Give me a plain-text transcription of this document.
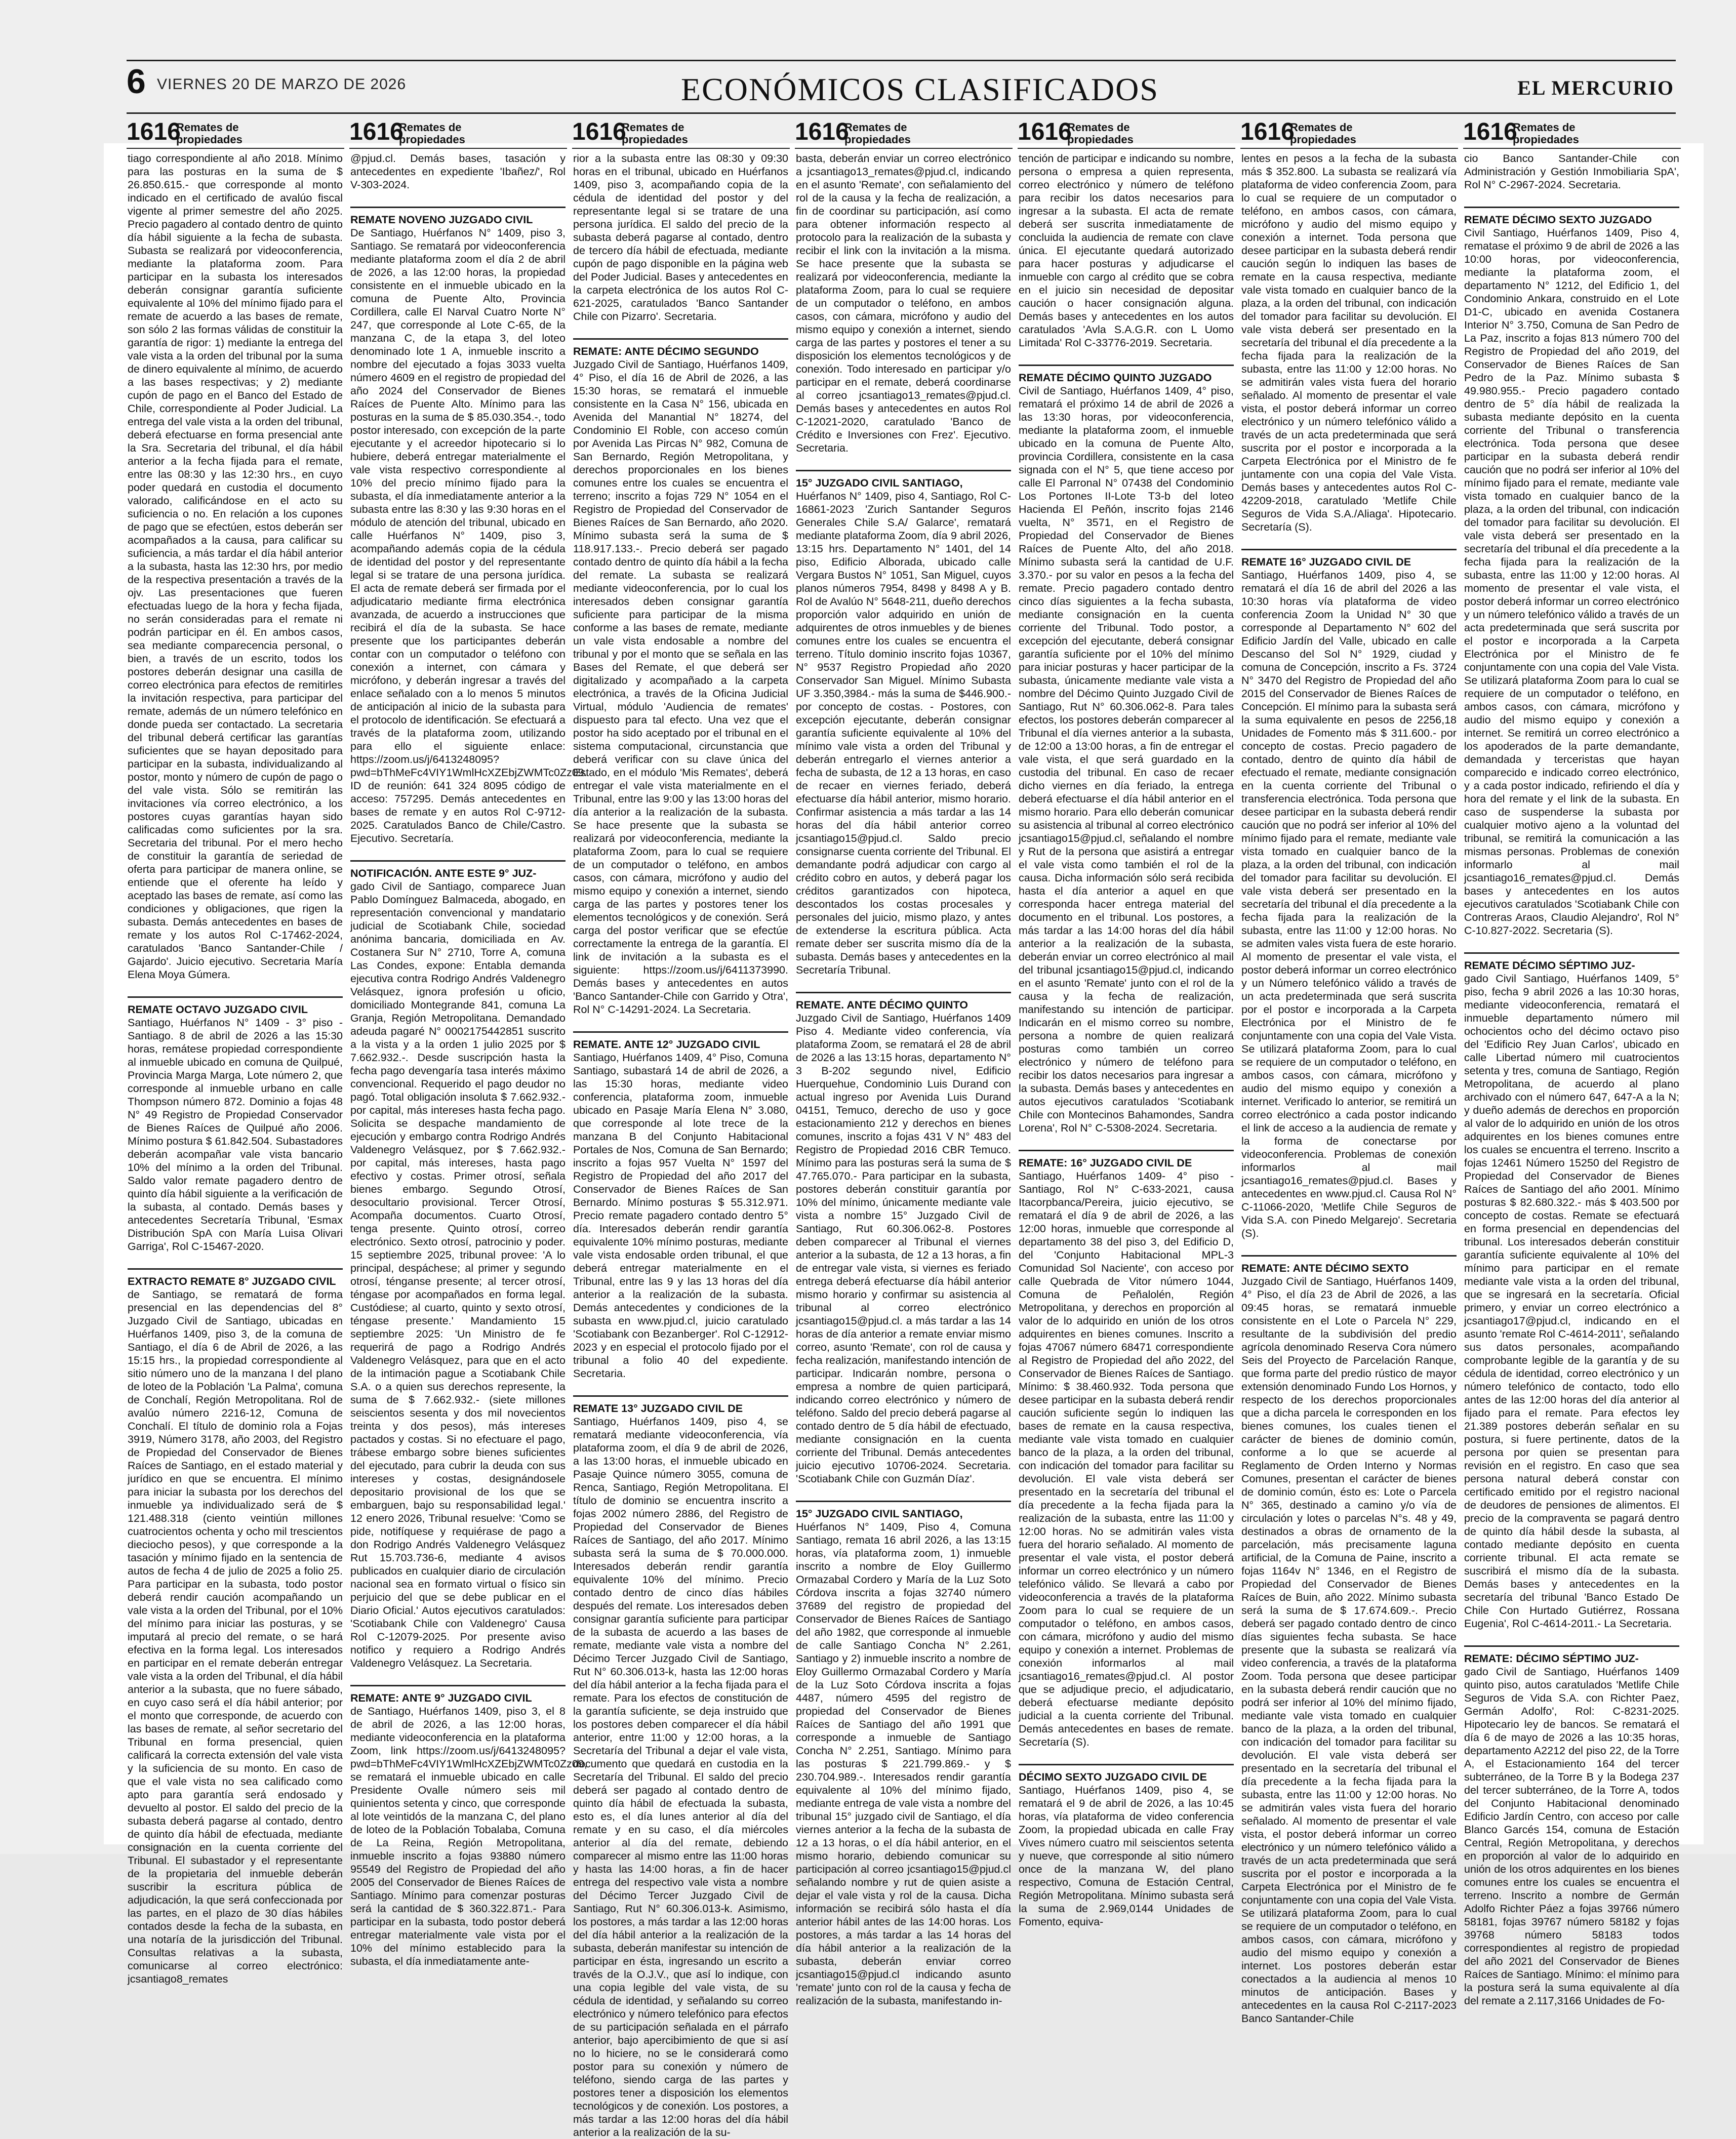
6 VIERNES 20 DE MARZO DE 2026	ECONÓMICOS CLASIFICADOS	EL MERCURIO
1616
Remates de
propiedades	1616
Remates de
propiedades	1616
Remates de
propiedades	1616
Remates de
propiedades	1616
Remates de
propiedades	1616
Remates de
propiedades	1616
Remates de
propiedades

tiago correspondiente al año 2018. Mínimo para las posturas en la suma de $ 26.850.615.- que corresponde al monto indicado en el certificado de avalúo fiscal vigente al primer semestre del año 2025. Precio pagadero al contado dentro de quinto día hábil siguiente a la fecha de subasta. Subasta se realizará por videoconferencia, mediante la plataforma zoom. Para participar en la subasta los interesados deberán consignar garantía suficiente equivalente al 10% del mínimo fijado para el remate de acuerdo a las bases de remate, son sólo 2 las formas válidas de constituir la garantía de rigor: 1) mediante la entrega del vale vista a la orden del tribunal por la suma de dinero equivalente al mínimo, de acuerdo a las bases respectivas; y 2) mediante cupón de pago en el Banco del Estado de Chile, correspondiente al Poder Judicial. La entrega del vale vista a la orden del tribunal, deberá efectuarse en forma presencial ante la Sra. Secretaria del tribunal, el día hábil anterior a la fecha fijada para el remate, entre las 08:30 y las 12:30 hrs., en cuyo poder quedará en custodia el documento valorado, calificándose en el acto su suficiencia o no. En relación a los cupones de pago que se efectúen, estos deberán ser acompañados a la causa, para calificar su suficiencia, a más tardar el día hábil anterior a la subasta, hasta las 12:30 hrs, por medio de la respectiva presentación a través de la ojv. Las presentaciones que fueren efectuadas luego de la hora y fecha fijada, no serán consideradas para el remate ni podrán participar en él. En ambos casos, sea mediante comparecencia personal, o bien, a través de un escrito, todos los postores deberán designar una casilla de correo electrónica para efectos de remitirles la invitación respectiva, para participar del remate, además de un número telefónico en donde pueda ser contactado. La secretaria del tribunal deberá certificar las garantías suficientes que se hayan depositado para participar en la subasta, individualizando al postor, monto y número de cupón de pago o del vale vista. Sólo se remitirán las invitaciones vía correo electrónico, a los postores cuyas garantías hayan sido calificadas como suficientes por la sra. Secretaria del tribunal. Por el mero hecho de constituir la garantía de seriedad de oferta para participar de manera online, se entiende que el oferente ha leído y aceptado las bases de remate, así como las condiciones y obligaciones, que rigen la subasta. Demás antecedentes en bases de remate y los autos Rol C-17462-2024, caratulados 'Banco Santander-Chile / Gajardo'. Juicio ejecutivo. Secretaria María Elena Moya Gúmera.

REMATE OCTAVO JUZGADO CIVIL
Santiago, Huérfanos N° 1409 - 3° piso - Santiago. 8 de abril de 2026 a las 15:30 horas, remátese propiedad correspondiente al inmueble ubicado en comuna de Quilpué, Provincia Marga Marga, Lote número 2, que corresponde al inmueble urbano en calle Thompson número 872. Dominio a fojas 48 N° 49 Registro de Propiedad Conservador de Bienes Raíces de Quilpué año 2006. Mínimo postura $ 61.842.504. Subastadores deberán acompañar vale vista bancario 10% del mínimo a la orden del Tribunal. Saldo valor remate pagadero dentro de quinto día hábil siguiente a la verificación de la subasta, al contado. Demás bases y antecedentes Secretaría Tribunal, 'Esmax Distribución SpA con María Luisa Olivari Garriga', Rol C-15467-2020.

EXTRACTO REMATE 8° JUZGADO CIVIL
de Santiago, se rematará de forma presencial en las dependencias del 8° Juzgado Civil de Santiago, ubicadas en Huérfanos 1409, piso 3, de la comuna de Santiago, el día 6 de Abril de 2026, a las 15:15 hrs., la propiedad correspondiente al sitio número uno de la manzana I del plano de loteo de la Población 'La Palma', comuna de Conchalí, Región Metropolitana. Rol de avalúo número 2216-12, Comuna de Conchalí. El título de dominio rola a Fojas 3919, Número 3178, año 2003, del Registro de Propiedad del Conservador de Bienes Raíces de Santiago, en el estado material y jurídico en que se encuentra. El mínimo para iniciar la subasta por los derechos del inmueble ya individualizado será de $ 121.488.318 (ciento veintiún millones cuatrocientos ochenta y ocho mil trescientos dieciocho pesos), y que corresponde a la tasación y mínimo fijado en la sentencia de autos de fecha 4 de julio de 2025 a folio 25. Para participar en la subasta, todo postor deberá rendir caución acompañando un vale vista a la orden del Tribunal, por el 10% del mínimo para iniciar las posturas, y se imputará al precio del remate, o se hará efectiva en la forma legal. Los interesados en participar en el remate deberán entregar vale vista a la orden del Tribunal, el día hábil anterior a la subasta, que no fuere sábado, en cuyo caso será el día hábil anterior; por el monto que corresponde, de acuerdo con las bases de remate, al señor secretario del Tribunal en forma presencial, quien calificará la correcta extensión del vale vista y la suficiencia de su monto. En caso de que el vale vista no sea calificado como apto para garantía será endosado y devuelto al postor. El saldo del precio de la subasta deberá pagarse al contado, dentro de quinto día hábil de efectuada, mediante consignación en la cuenta corriente del Tribunal. El subastador y el representante de la propietaria del inmueble deberán suscribir la escritura pública de adjudicación, la que será confeccionada por las partes, en el plazo de 30 días hábiles contados desde la fecha de la subasta, en una notaría de la jurisdicción del Tribunal. Consultas relativas a la subasta, comunicarse al correo electrónico: jcsantiago8_remates

@pjud.cl. Demás bases, tasación y antecedentes en expediente 'Ibañez/', Rol V-303-2024.

REMATE NOVENO JUZGADO CIVIL
De Santiago, Huérfanos N° 1409, piso 3, Santiago. Se rematará por videoconferencia mediante plataforma zoom el día 2 de abril de 2026, a las 12:00 horas, la propiedad consistente en el inmueble ubicado en la comuna de Puente Alto, Provincia Cordillera, calle El Narval Cuatro Norte N° 247, que corresponde al Lote C-65, de la manzana C, de la etapa 3, del loteo denominado lote 1 A, inmueble inscrito a nombre del ejecutado a fojas 3033 vuelta número 4609 en el registro de propiedad del año 2024 del Conservador de Bienes Raíces de Puente Alto. Mínimo para las posturas en la suma de $ 85.030.354.-, todo postor interesado, con excepción de la parte ejecutante y el acreedor hipotecario si lo hubiere, deberá entregar materialmente el vale vista respectivo correspondiente al 10% del precio mínimo fijado para la subasta, el día inmediatamente anterior a la subasta entre las 8:30 y las 9:30 horas en el módulo de atención del tribunal, ubicado en calle Huérfanos N° 1409, piso 3, acompañando además copia de la cédula de identidad del postor y del representante legal si se tratare de una persona jurídica. El acta de remate deberá ser firmada por el adjudicatario mediante firma electrónica avanzada, de acuerdo a instrucciones que recibirá el día de la subasta. Se hace presente que los participantes deberán contar con un computador o teléfono con conexión a internet, con cámara y micrófono, y deberán ingresar a través del enlace señalado con a lo menos 5 minutos de anticipación al inicio de la subasta para el protocolo de identificación. Se efectuará a través de la plataforma zoom, utilizando para ello el siguiente enlace: https://zoom.us/j/6413248095?pwd=bThMeFc4VIY1WmlHcXZEbjZWMTc0Zz09. ID de reunión: 641 324 8095 código de acceso: 757295. Demás antecedentes en bases de remate y en autos Rol C-9712-2025. Caratulados Banco de Chile/Castro. Ejecutivo. Secretaría.

NOTIFICACIÓN. ANTE ESTE 9° JUZ-
gado Civil de Santiago, comparece Juan Pablo Domínguez Balmaceda, abogado, en representación convencional y mandatario judicial de Scotiabank Chile, sociedad anónima bancaria, domiciliada en Av. Costanera Sur N° 2710, Torre A, comuna Las Condes, expone: Entabla demanda ejecutiva contra Rodrigo Andrés Valdenegro Velásquez, ignora profesión u oficio, domiciliado Montegrande 841, comuna La Granja, Región Metropolitana. Demandado adeuda pagaré N° 0002175442851 suscrito a la vista y a la orden 1 julio 2025 por $ 7.662.932.-. Desde suscripción hasta la fecha pago devengaría tasa interés máximo convencional. Requerido el pago deudor no pagó. Total obligación insoluta $ 7.662.932.- por capital, más intereses hasta fecha pago. Solicita se despache mandamiento de ejecución y embargo contra Rodrigo Andrés Valdenegro Velásquez, por $ 7.662.932.- por capital, más intereses, hasta pago efectivo y costas. Primer otrosí, señala bienes embargo. Segundo Otrosí, desocultario provisional. Tercer Otrosí, Acompaña documentos. Cuarto Otrosí, tenga presente. Quinto otrosí, correo electrónico. Sexto otrosí, patrocinio y poder. 15 septiembre 2025, tribunal provee: 'A lo principal, despáchese; al primer y segundo otrosí, ténganse presente; al tercer otrosí, téngase por acompañados en forma legal. Custódiese; al cuarto, quinto y sexto otrosí, téngase presente.' Mandamiento 15 septiembre 2025: 'Un Ministro de fe requerirá de pago a Rodrigo Andrés Valdenegro Velásquez, para que en el acto de la intimación pague a Scotiabank Chile S.A. o a quien sus derechos represente, la suma de $ 7.662.932.- (siete millones seiscientos sesenta y dos mil novecientos treinta y dos pesos), más intereses pactados y costas. Si no efectuare el pago, trábese embargo sobre bienes suficientes del ejecutado, para cubrir la deuda con sus intereses y costas, designándosele depositario provisional de los que se embarguen, bajo su responsabilidad legal.' 12 enero 2026, Tribunal resuelve: 'Como se pide, notifíquese y requiérase de pago a don Rodrigo Andrés Valdenegro Velásquez Rut 15.703.736-6, mediante 4 avisos publicados en cualquier diario de circulación nacional sea en formato virtual o físico sin perjuicio del que se debe publicar en el Diario Oficial.' Autos ejecutivos caratulados: 'Scotiabank Chile con Valdenegro' Causa Rol C-12079-2025. Por presente aviso notifico y requiero a Rodrigo Andrés Valdenegro Velásquez. La Secretaria.

REMATE: ANTE 9° JUZGADO CIVIL
de Santiago, Huérfanos 1409, piso 3, el 8 de abril de 2026, a las 12:00 horas, mediante videoconferencia en la plataforma Zoom, link https://zoom.us/j/6413248095?pwd=bThMeFc4VIY1WmlHcXZEbjZWMTc0Zz09, se rematará el inmueble ubicado en calle Presidente Ovalle número seis mil quinientos setenta y cinco, que corresponde al lote veintidós de la manzana C, del plano de loteo de la Población Tobalaba, Comuna de La Reina, Región Metropolitana, inmueble inscrito a fojas 93880 número 95549 del Registro de Propiedad del año 2005 del Conservador de Bienes Raíces de Santiago. Mínimo para comenzar posturas será la cantidad de $ 360.322.871.- Para participar en la subasta, todo postor deberá entregar materialmente vale vista por el 10% del mínimo establecido para la subasta, el día inmediatamente ante-

rior a la subasta entre las 08:30 y 09:30 horas en el tribunal, ubicado en Huérfanos 1409, piso 3, acompañando copia de la cédula de identidad del postor y del representante legal si se tratare de una persona jurídica. El saldo del precio de la subasta deberá pagarse al contado, dentro de tercero día hábil de efectuada, mediante cupón de pago disponible en la página web del Poder Judicial. Bases y antecedentes en la carpeta electrónica de los autos Rol C-621-2025, caratulados 'Banco Santander Chile con Pizarro'. Secretaria.

REMATE: ANTE DÉCIMO SEGUNDO
Juzgado Civil de Santiago, Huérfanos 1409, 4° Piso, el día 16 de Abril de 2026, a las 15:30 horas, se rematará el inmueble consistente en la Casa N° 156, ubicada en Avenida del Manantial N° 18274, del Condominio El Roble, con acceso común por Avenida Las Pircas N° 982, Comuna de San Bernardo, Región Metropolitana, y derechos proporcionales en los bienes comunes entre los cuales se encuentra el terreno; inscrito a fojas 729 N° 1054 en el Registro de Propiedad del Conservador de Bienes Raíces de San Bernardo, año 2020. Mínimo subasta será la suma de $ 118.917.133.-. Precio deberá ser pagado contado dentro de quinto día hábil a la fecha del remate. La subasta se realizará mediante videoconferencia, por lo cual los interesados deben consignar garantía suficiente para participar de la misma conforme a las bases de remate, mediante un vale vista endosable a nombre del tribunal y por el monto que se señala en las Bases del Remate, el que deberá ser digitalizado y acompañado a la carpeta electrónica, a través de la Oficina Judicial Virtual, módulo 'Audiencia de remates' dispuesto para tal efecto. Una vez que el postor ha sido aceptado por el tribunal en el sistema computacional, circunstancia que deberá verificar con su clave única del Estado, en el módulo 'Mis Remates', deberá entregar el vale vista materialmente en el Tribunal, entre las 9:00 y las 13:00 horas del día anterior a la realización de la subasta. Se hace presente que la subasta se realizará por videoconferencia, mediante la plataforma Zoom, para lo cual se requiere de un computador o teléfono, en ambos casos, con cámara, micrófono y audio del mismo equipo y conexión a internet, siendo carga de las partes y postores tener los elementos tecnológicos y de conexión. Será carga del postor verificar que se efectúe correctamente la entrega de la garantía. El link de invitación a la subasta es el siguiente: https://zoom.us/j/6411373990. Demás bases y antecedentes en autos 'Banco Santander-Chile con Garrido y Otra', Rol N° C-14291-2024. La Secretaria.

REMATE. ANTE 12° JUZGADO CIVIL
Santiago, Huérfanos 1409, 4° Piso, Comuna Santiago, subastará 14 de abril de 2026, a las 15:30 horas, mediante video conferencia, plataforma zoom, inmueble ubicado en Pasaje María Elena N° 3.080, que corresponde al lote trece de la manzana B del Conjunto Habitacional Portales de Nos, Comuna de San Bernardo; inscrito a fojas 957 Vuelta N° 1597 del Registro de Propiedad del año 2017 del Conservador de Bienes Raíces de San Bernardo. Mínimo posturas $ 55.312.971. Precio remate pagadero contado dentro 5° día. Interesados deberán rendir garantía equivalente 10% mínimo posturas, mediante vale vista endosable orden tribunal, el que deberá entregar materialmente en el Tribunal, entre las 9 y las 13 horas del día anterior a la realización de la subasta. Demás antecedentes y condiciones de la subasta en www.pjud.cl, juicio caratulado 'Scotiabank con Bezanberger'. Rol C-12912-2023 y en especial el protocolo fijado por el tribunal a folio 40 del expediente. Secretaria.

REMATE 13° JUZGADO CIVIL DE
Santiago, Huérfanos 1409, piso 4, se rematará mediante videoconferencia, vía plataforma zoom, el día 9 de abril de 2026, a las 13:00 horas, el inmueble ubicado en Pasaje Quince número 3055, comuna de Renca, Santiago, Región Metropolitana. El título de dominio se encuentra inscrito a fojas 2002 número 2886, del Registro de Propiedad del Conservador de Bienes Raíces de Santiago, del año 2017. Mínimo subasta será la suma de $ 70.000.000. Interesados deberán rendir garantía equivalente 10% del mínimo. Precio contado dentro de cinco días hábiles después del remate. Los interesados deben consignar garantía suficiente para participar de la subasta de acuerdo a las bases de remate, mediante vale vista a nombre del Décimo Tercer Juzgado Civil de Santiago, Rut N° 60.306.013-k, hasta las 12:00 horas del día hábil anterior a la fecha fijada para el remate. Para los efectos de constitución de la garantía suficiente, se deja instruido que los postores deben comparecer el día hábil anterior, entre 11:00 y 12:00 horas, a la Secretaría del Tribunal a dejar el vale vista, documento que quedará en custodia en la Secretaría del Tribunal. El saldo del precio deberá ser pagado al contado dentro de quinto día hábil de efectuada la subasta, esto es, el día lunes anterior al día del remate y en su caso, el día miércoles anterior al día del remate, debiendo comparecer al mismo entre las 11:00 horas y hasta las 14:00 horas, a fin de hacer entrega del respectivo vale vista a nombre del Décimo Tercer Juzgado Civil de Santiago, Rut N° 60.306.013-k. Asimismo, los postores, a más tardar a las 12:00 horas del día hábil anterior a la realización de la subasta, deberán manifestar su intención de participar en ésta, ingresando un escrito a través de la O.J.V., que así lo indique, con una copia legible del vale vista, de su cédula de identidad, y señalando su correo electrónico y número telefónico para efectos de su participación señalada en el párrafo anterior, bajo apercibimiento de que si así no lo hiciere, no se le considerará como postor para su conexión y número de teléfono, siendo carga de las partes y postores tener a disposición los elementos tecnológicos y de conexión. Los postores, a más tardar a las 12:00 horas del día hábil anterior a la realización de la su-

basta, deberán enviar un correo electrónico a jcsantiago13_remates@pjud.cl, indicando en el asunto 'Remate', con señalamiento del rol de la causa y la fecha de realización, a fin de coordinar su participación, así como para obtener información respecto al protocolo para la realización de la subasta y recibir el link con la invitación a la misma. Se hace presente que la subasta se realizará por videoconferencia, mediante la plataforma Zoom, para lo cual se requiere de un computador o teléfono, en ambos casos, con cámara, micrófono y audio del mismo equipo y conexión a internet, siendo carga de las partes y postores el tener a su disposición los elementos tecnológicos y de conexión. Todo interesado en participar y/o participar en el remate, deberá coordinarse al correo jcsantiago13_remates@pjud.cl. Demás bases y antecedentes en autos Rol C-12021-2020, caratulado 'Banco de Crédito e Inversiones con Frez'. Ejecutivo. Secretaria.

15° JUZGADO CIVIL SANTIAGO,
Huérfanos N° 1409, piso 4, Santiago, Rol C-16861-2023 'Zurich Santander Seguros Generales Chile S.A/ Galarce', rematará mediante plataforma Zoom, día 9 abril 2026, 13:15 hrs. Departamento N° 1401, del 14 piso, Edificio Alborada, ubicado calle Vergara Bustos N° 1051, San Miguel, cuyos planos números 7954, 8498 y 8498 A y B. Rol de Avalúo N° 5648-211, dueño derechos proporción valor adquirido en unión de adquirentes de otros inmuebles y de bienes comunes entre los cuales se encuentra el terreno. Título dominio inscrito fojas 10367, N° 9537 Registro Propiedad año 2020 Conservador San Miguel. Mínimo Subasta UF 3.350,3984.- más la suma de $446.900.- por concepto de costas. - Postores, con excepción ejecutante, deberán consignar garantía suficiente equivalente al 10% del mínimo vale vista a orden del Tribunal y deberán entregarlo el viernes anterior a fecha de subasta, de 12 a 13 horas, en caso de recaer en viernes feriado, deberá efectuarse día hábil anterior, mismo horario. Confirmar asistencia a más tardar a las 14 horas del día hábil anterior correo jcsantiago15@pjud.cl. Saldo precio consignarse cuenta corriente del Tribunal. El demandante podrá adjudicar con cargo al crédito cobro en autos, y deberá pagar los créditos garantizados con hipoteca, descontados los costas procesales y personales del juicio, mismo plazo, y antes de extenderse la escritura pública. Acta remate deber ser suscrita mismo día de la subasta. Demás bases y antecedentes en la Secretaría Tribunal.

REMATE. ANTE DÉCIMO QUINTO
Juzgado Civil de Santiago, Huérfanos 1409 Piso 4. Mediante video conferencia, vía plataforma Zoom, se rematará el 28 de abril de 2026 a las 13:15 horas, departamento N° 3 B-202 segundo nivel, Edificio Huerquehue, Condominio Luis Durand con actual ingreso por Avenida Luis Durand 04151, Temuco, derecho de uso y goce estacionamiento 212 y derechos en bienes comunes, inscrito a fojas 431 V N° 483 del Registro de Propiedad 2016 CBR Temuco. Mínimo para las posturas será la suma de $ 47.765.070.- Para participar en la subasta, postores deberán constituir garantía por 10% del mínimo, únicamente mediante vale vista a nombre 15° Juzgado Civil de Santiago, Rut 60.306.062-8. Postores deben comparecer al Tribunal el viernes anterior a la subasta, de 12 a 13 horas, a fin de entregar vale vista, si viernes es feriado entrega deberá efectuarse día hábil anterior mismo horario y confirmar su asistencia al tribunal al correo electrónico jcsantiago15@pjud.cl. a más tardar a las 14 horas de día anterior a remate enviar mismo correo, asunto 'Remate', con rol de causa y fecha realización, manifestando intención de participar. Indicarán nombre, persona o empresa a nombre de quien participará, indicando correo electrónico y número de teléfono. Saldo del precio deberá pagarse al contado dentro de 5 día hábil de efectuado, mediante consignación en la cuenta corriente del Tribunal. Demás antecedentes juicio ejecutivo 10706-2024. Secretaria. 'Scotiabank Chile con Guzmán Díaz'.

15° JUZGADO CIVIL SANTIAGO,
Huérfanos N° 1409, Piso 4, Comuna Santiago, remata 16 abril 2026, a las 13:15 horas, vía plataforma zoom, 1) inmueble inscrito a nombre de Eloy Guillermo Ormazabal Cordero y María de la Luz Soto Córdova inscrita a fojas 32740 número 37689 del registro de propiedad del Conservador de Bienes Raíces de Santiago del año 1982, que corresponde al inmueble de calle Santiago Concha N° 2.261, Santiago y 2) inmueble inscrito a nombre de Eloy Guillermo Ormazabal Cordero y María de la Luz Soto Córdova inscrita a fojas 4487, número 4595 del registro de propiedad del Conservador de Bienes Raíces de Santiago del año 1991 que corresponde a inmueble de Santiago Concha N° 2.251, Santiago. Mínimo para las posturas $ 221.799.869.- y $ 230.704.989.-. Interesados rendir garantía equivalente al 10% del mínimo fijado, mediante entrega de vale vista a nombre del tribunal 15° juzgado civil de Santiago, el día viernes anterior a la fecha de la subasta de 12 a 13 horas, o el día hábil anterior, en el mismo horario, debiendo comunicar su participación al correo jcsantiago15@pjud.cl señalando nombre y rut de quien asiste a dejar el vale vista y rol de la causa. Dicha información se recibirá sólo hasta el día anterior hábil antes de las 14:00 horas. Los postores, a más tardar a las 14 horas del día hábil anterior a la realización de la subasta, deberán enviar correo jcsantiago15@pjud.cl indicando asunto 'remate' junto con rol de la causa y fecha de realización de la subasta, manifestando in-

tención de participar e indicando su nombre, persona o empresa a quien representa, correo electrónico y número de teléfono para recibir los datos necesarios para ingresar a la subasta. El acta de remate deberá ser suscrita inmediatamente de concluida la audiencia de remate con clave única. El ejecutante quedará autorizado para hacer posturas y adjudicarse el inmueble con cargo al crédito que se cobra en el juicio sin necesidad de depositar caución o hacer consignación alguna. Demás bases y antecedentes en los autos caratulados 'Avla S.A.G.R. con L Uomo Limitada' Rol C-33776-2019. Secretaria.

REMATE DÉCIMO QUINTO JUZGADO
Civil de Santiago, Huérfanos 1409, 4° piso, rematará el próximo 14 de abril de 2026 a las 13:30 horas, por videoconferencia, mediante la plataforma zoom, el inmueble ubicado en la comuna de Puente Alto, provincia Cordillera, consistente en la casa signada con el N° 5, que tiene acceso por calle El Parronal N° 07438 del Condominio Los Portones II-Lote T3-b del loteo Hacienda El Peñón, inscrito fojas 2146 vuelta, N° 3571, en el Registro de Propiedad del Conservador de Bienes Raíces de Puente Alto, del año 2018. Mínimo subasta será la cantidad de U.F. 3.370.- por su valor en pesos a la fecha del remate. Precio pagadero contado dentro cinco días siguientes a la fecha subasta, mediante consignación en la cuenta corriente del Tribunal. Todo postor, a excepción del ejecutante, deberá consignar garantía suficiente por el 10% del mínimo para iniciar posturas y hacer participar de la subasta, únicamente mediante vale vista a nombre del Décimo Quinto Juzgado Civil de Santiago, Rut N° 60.306.062-8. Para tales efectos, los postores deberán comparecer al Tribunal el día viernes anterior a la subasta, de 12:00 a 13:00 horas, a fin de entregar el vale vista, el que será guardado en la custodia del tribunal. En caso de recaer dicho viernes en día feriado, la entrega deberá efectuarse el día hábil anterior en el mismo horario. Para ello deberán comunicar su asistencia al tribunal al correo electrónico jcsantiago15@pjud.cl, señalando el nombre y Rut de la persona que asistirá a entregar el vale vista como también el rol de la causa. Dicha información sólo será recibida hasta el día anterior a aquel en que corresponda hacer entrega material del documento en el tribunal. Los postores, a más tardar a las 14:00 horas del día hábil anterior a la realización de la subasta, deberán enviar un correo electrónico al mail del tribunal jcsantiago15@pjud.cl, indicando en el asunto 'Remate' junto con el rol de la causa y la fecha de realización, manifestando su intención de participar. Indicarán en el mismo correo su nombre, persona a nombre de quien realizará posturas como también un correo electrónico y número de teléfono para recibir los datos necesarios para ingresar a la subasta. Demás bases y antecedentes en autos ejecutivos caratulados 'Scotiabank Chile con Montecinos Bahamondes, Sandra Lorena', Rol N° C-5308-2024. Secretaria.

REMATE: 16° JUZGADO CIVIL DE
Santiago, Huérfanos 1409- 4° piso - Santiago, Rol N° C-633-2021, causa Itacorpbanca/Pereira, juicio ejecutivo, se rematará el día 9 de abril de 2026, a las 12:00 horas, inmueble que corresponde al departamento 38 del piso 3, del Edificio D, del 'Conjunto Habitacional MPL-3 Comunidad Sol Naciente', con acceso por calle Quebrada de Vitor número 1044, Comuna de Peñalolén, Región Metropolitana, y derechos en proporción al valor de lo adquirido en unión de los otros adquirentes en bienes comunes. Inscrito a fojas 47067 número 68471 correspondiente al Registro de Propiedad del año 2022, del Conservador de Bienes Raíces de Santiago. Mínimo: $ 38.460.932. Toda persona que desee participar en la subasta deberá rendir caución suficiente según lo indiquen las bases de remate en la causa respectiva, mediante vale vista tomado en cualquier banco de la plaza, a la orden del tribunal, con indicación del tomador para facilitar su devolución. El vale vista deberá ser presentado en la secretaría del tribunal el día precedente a la fecha fijada para la realización de la subasta, entre las 11:00 y 12:00 horas. No se admitirán vales vista fuera del horario señalado. Al momento de presentar el vale vista, el postor deberá informar un correo electrónico y un número telefónico válido. Se llevará a cabo por videoconferencia a través de la plataforma Zoom para lo cual se requiere de un computador o teléfono, en ambos casos, con cámara, micrófono y audio del mismo equipo y conexión a internet. Problemas de conexión informarlos al mail jcsantiago16_remates@pjud.cl. Al postor que se adjudique precio, el adjudicatario, deberá efectuarse mediante depósito judicial a la cuenta corriente del Tribunal. Demás antecedentes en bases de remate. Secretaría (S).

DÉCIMO SEXTO JUZGADO CIVIL DE
Santiago, Huérfanos 1409, piso 4, se rematará el 9 de abril de 2026, a las 10:45 horas, vía plataforma de video conferencia Zoom, la propiedad ubicada en calle Fray Vives número cuatro mil seiscientos setenta y nueve, que corresponde al sitio número once de la manzana W, del plano respectivo, Comuna de Estación Central, Región Metropolitana. Mínimo subasta será la suma de 2.969,0144 Unidades de Fomento, equiva-

lentes en pesos a la fecha de la subasta más $ 352.800. La subasta se realizará vía plataforma de video conferencia Zoom, para lo cual se requiere de un computador o teléfono, en ambos casos, con cámara, micrófono y audio del mismo equipo y conexión a internet. Toda persona que desee participar en la subasta deberá rendir caución según lo indiquen las bases de remate en la causa respectiva, mediante vale vista tomado en cualquier banco de la plaza, a la orden del tribunal, con indicación del tomador para facilitar su devolución. El vale vista deberá ser presentado en la secretaría del tribunal el día precedente a la fecha fijada para la realización de la subasta, entre las 11:00 y 12:00 horas. No se admitirán vales vista fuera del horario señalado. Al momento de presentar el vale vista, el postor deberá informar un correo electrónico y un número telefónico válido a través de un acta predeterminada que será suscrita por el postor e incorporada a la Carpeta Electrónica por el Ministro de fe juntamente con una copia del Vale Vista. Demás bases y antecedentes autos Rol C-42209-2018, caratulado 'Metlife Chile Seguros de Vida S.A./Aliaga'. Hipotecario. Secretaría (S).

REMATE 16° JUZGADO CIVIL DE
Santiago, Huérfanos 1409, piso 4, se rematará el día 16 de abril del 2026 a las 10:30 horas vía plataforma de video conferencia Zoom la Unidad N° 30 que corresponde al Departamento N° 602 del Edificio Jardín del Valle, ubicado en calle Descanso del Sol N° 1929, ciudad y comuna de Concepción, inscrito a Fs. 3724 N° 3470 del Registro de Propiedad del año 2015 del Conservador de Bienes Raíces de Concepción. El mínimo para la subasta será la suma equivalente en pesos de 2256,18 Unidades de Fomento más $ 311.600.- por concepto de costas. Precio pagadero de contado, dentro de quinto día hábil de efectuado el remate, mediante consignación en la cuenta corriente del Tribunal o transferencia electrónica. Toda persona que desee participar en la subasta deberá rendir caución que no podrá ser inferior al 10% del mínimo fijado para el remate, mediante vale vista tomado en cualquier banco de la plaza, a la orden del tribunal, con indicación del tomador para facilitar su devolución. El vale vista deberá ser presentado en la secretaría del tribunal el día precedente a la fecha fijada para la realización de la subasta, entre las 11:00 y 12:00 horas. No se admiten vales vista fuera de este horario. Al momento de presentar el vale vista, el postor deberá informar un correo electrónico y un Número telefónico válido a través de un acta predeterminada que será suscrita por el postor e incorporada a la Carpeta Electrónica por el Ministro de fe conjuntamente con una copia del Vale Vista. Se utilizará plataforma Zoom, para lo cual se requiere de un computador o teléfono, en ambos casos, con cámara, micrófono y audio del mismo equipo y conexión a internet. Verificado lo anterior, se remitirá un correo electrónico a cada postor indicando el link de acceso a la audiencia de remate y la forma de conectarse por videoconferencia. Problemas de conexión informarlos al mail jcsantiago16_remates@pjud.cl. Bases y antecedentes en www.pjud.cl. Causa Rol N° C-11066-2020, 'Metlife Chile Seguros de Vida S.A. con Pinedo Melgarejo'. Secretaria (S).

REMATE: ANTE DÉCIMO SEXTO
Juzgado Civil de Santiago, Huérfanos 1409, 4° Piso, el día 23 de Abril de 2026, a las 09:45 horas, se rematará inmueble consistente en el Lote o Parcela N° 229, resultante de la subdivisión del predio agrícola denominado Reserva Cora número Seis del Proyecto de Parcelación Ranque, que forma parte del predio rústico de mayor extensión denominado Fundo Los Hornos, y respecto de los derechos proporcionales que a dicha parcela le corresponden en los bienes comunes, los cuales tienen el carácter de bienes de dominio común, conforme a lo que se acuerde al Reglamento de Orden Interno y Normas Comunes, presentan el carácter de bienes de dominio común, ésto es: Lote o Parcela N° 365, destinado a camino y/o vía de circulación y lotes o parcelas N°s. 48 y 49, destinados a obras de ornamento de la parcelación, más precisamente laguna artificial, de la Comuna de Paine, inscrito a fojas 1164v N° 1346, en el Registro de Propiedad del Conservador de Bienes Raíces de Buin, año 2022. Mínimo subasta será la suma de $ 17.674.609.-. Precio deberá ser pagado contado dentro de cinco días siguientes fecha subasta. Se hace presente que la subasta se realizará vía video conferencia, a través de la plataforma Zoom. Toda persona que desee participar en la subasta deberá rendir caución que no podrá ser inferior al 10% del mínimo fijado, mediante vale vista tomado en cualquier banco de la plaza, a la orden del tribunal, con indicación del tomador para facilitar su devolución. El vale vista deberá ser presentado en la secretaría del tribunal el día precedente a la fecha fijada para la subasta, entre las 11:00 y 12:00 horas. No se admitirán vales vista fuera del horario señalado. Al momento de presentar el vale vista, el postor deberá informar un correo electrónico y un número telefónico válido a través de un acta predeterminada que será suscrita por el postor e incorporada a la Carpeta Electrónica por el Ministro de fe conjuntamente con una copia del Vale Vista. Se utilizará plataforma Zoom, para lo cual se requiere de un computador o teléfono, en ambos casos, con cámara, micrófono y audio del mismo equipo y conexión a internet. Los postores deberán estar conectados a la audiencia al menos 10 minutos de anticipación. Bases y antecedentes en la causa Rol C-2117-2023 Banco Santander-Chile

cio Banco Santander-Chile con Administración y Gestión Inmobiliaria SpA', Rol N° C-2967-2024. Secretaria.

REMATE DÉCIMO SEXTO JUZGADO
Civil Santiago, Huérfanos 1409, Piso 4, rematase el próximo 9 de abril de 2026 a las 10:00 horas, por videoconferencia, mediante la plataforma zoom, el departamento N° 1212, del Edificio 1, del Condominio Ankara, construido en el Lote D1-C, ubicado en avenida Costanera Interior N° 3.750, Comuna de San Pedro de La Paz, inscrito a fojas 813 número 700 del Registro de Propiedad del año 2019, del Conservador de Bienes Raíces de San Pedro de la Paz. Mínimo subasta $ 49.980.955.- Precio pagadero contado dentro de 5° día hábil de realizada la subasta mediante depósito en la cuenta corriente del Tribunal o transferencia electrónica. Toda persona que desee participar en la subasta deberá rendir caución que no podrá ser inferior al 10% del mínimo fijado para el remate, mediante vale vista tomado en cualquier banco de la plaza, a la orden del tribunal, con indicación del tomador para facilitar su devolución. El vale vista deberá ser presentado en la secretaría del tribunal el día precedente a la fecha fijada para la realización de la subasta, entre las 11:00 y 12:00 horas. Al momento de presentar el vale vista, el postor deberá informar un correo electrónico y un número telefónico válido a través de un acta predeterminada que será suscrita por el postor e incorporada a la Carpeta Electrónica por el Ministro de fe conjuntamente con una copia del Vale Vista. Se utilizará plataforma Zoom para lo cual se requiere de un computador o teléfono, en ambos casos, con cámara, micrófono y audio del mismo equipo y conexión a internet. Se remitirá un correo electrónico a los apoderados de la parte demandante, demandada y terceristas que hayan comparecido e indicado correo electrónico, y a cada postor indicado, refiriendo el día y hora del remate y el link de la subasta. En caso de suspenderse la subasta por cualquier motivo ajeno a la voluntad del tribunal, se remitirá la comunicación a las mismas personas. Problemas de conexión informarlo al mail jcsantiago16_remates@pjud.cl. Demás bases y antecedentes en los autos ejecutivos caratulados 'Scotiabank Chile con Contreras Araos, Claudio Alejandro', Rol N° C-10.827-2022. Secretaria (S).

REMATE DÉCIMO SÉPTIMO JUZ-
gado Civil Santiago, Huérfanos 1409, 5° piso, fecha 9 abril 2026 a las 10:30 horas, mediante videoconferencia, rematará el inmueble departamento número mil ochocientos ocho del décimo octavo piso del 'Edificio Rey Juan Carlos', ubicado en calle Libertad número mil cuatrocientos setenta y tres, comuna de Santiago, Región Metropolitana, de acuerdo al plano archivado con el número 647, 647-A a la N; y dueño además de derechos en proporción al valor de lo adquirido en unión de los otros adquirentes en los bienes comunes entre los cuales se encuentra el terreno. Inscrito a fojas 12461 Número 15250 del Registro de Propiedad del Conservador de Bienes Raíces de Santiago del año 2001. Mínimo posturas $ 82.680.322.- más $ 403.500 por concepto de costas. Remate se efectuará en forma presencial en dependencias del tribunal. Los interesados deberán constituir garantía suficiente equivalente al 10% del mínimo para participar en el remate mediante vale vista a la orden del tribunal, que se ingresará en la secretaría. Oficial primero, y enviar un correo electrónico a jcsantiago17@pjud.cl, indicando en el asunto 'remate Rol C-4614-2011', señalando sus datos personales, acompañando comprobante legible de la garantía y de su cédula de identidad, correo electrónico y un número telefónico de contacto, todo ello antes de las 12:00 horas del día anterior al fijado para el remate. Para efectos ley 21.389 postores deberán señalar en su postura, si fuere pertinente, datos de la persona por quien se presentan para revisión en el registro. En caso que sea persona natural deberá constar con certificado emitido por el registro nacional de deudores de pensiones de alimentos. El precio de la compraventa se pagará dentro de quinto día hábil desde la subasta, al contado mediante depósito en cuenta corriente tribunal. El acta remate se suscribirá el mismo día de la subasta. Demás bases y antecedentes en la secretaría del tribunal 'Banco Estado De Chile Con Hurtado Gutiérrez, Rossana Eugenia', Rol C-4614-2011.- La Secretaria.

REMATE: DÉCIMO SÉPTIMO JUZ-
gado Civil de Santiago, Huérfanos 1409 quinto piso, autos caratulados 'Metlife Chile Seguros de Vida S.A. con Richter Paez, Germán Adolfo', Rol: C-8231-2025. Hipotecario ley de bancos. Se rematará el día 6 de mayo de 2026 a las 10:35 horas, departamento A2212 del piso 22, de la Torre A, el Estacionamiento 164 del tercer subterráneo, de la Torre B y la Bodega 237 del tercer subterráneo, de la Torre A, todos del Conjunto Habitacional denominado Edificio Jardín Centro, con acceso por calle Blanco Garcés 154, comuna de Estación Central, Región Metropolitana, y derechos en proporción al valor de lo adquirido en unión de los otros adquirentes en los bienes comunes entre los cuales se encuentra el terreno. Inscrito a nombre de Germán Adolfo Richter Páez a fojas 39766 número 58181, fojas 39767 número 58182 y fojas 39768 número 58183 todos correspondientes al registro de propiedad del año 2021 del Conservador de Bienes Raíces de Santiago. Mínimo: el mínimo para la postura será la suma equivalente al día del remate a 2.117,3166 Unidades de Fo-
